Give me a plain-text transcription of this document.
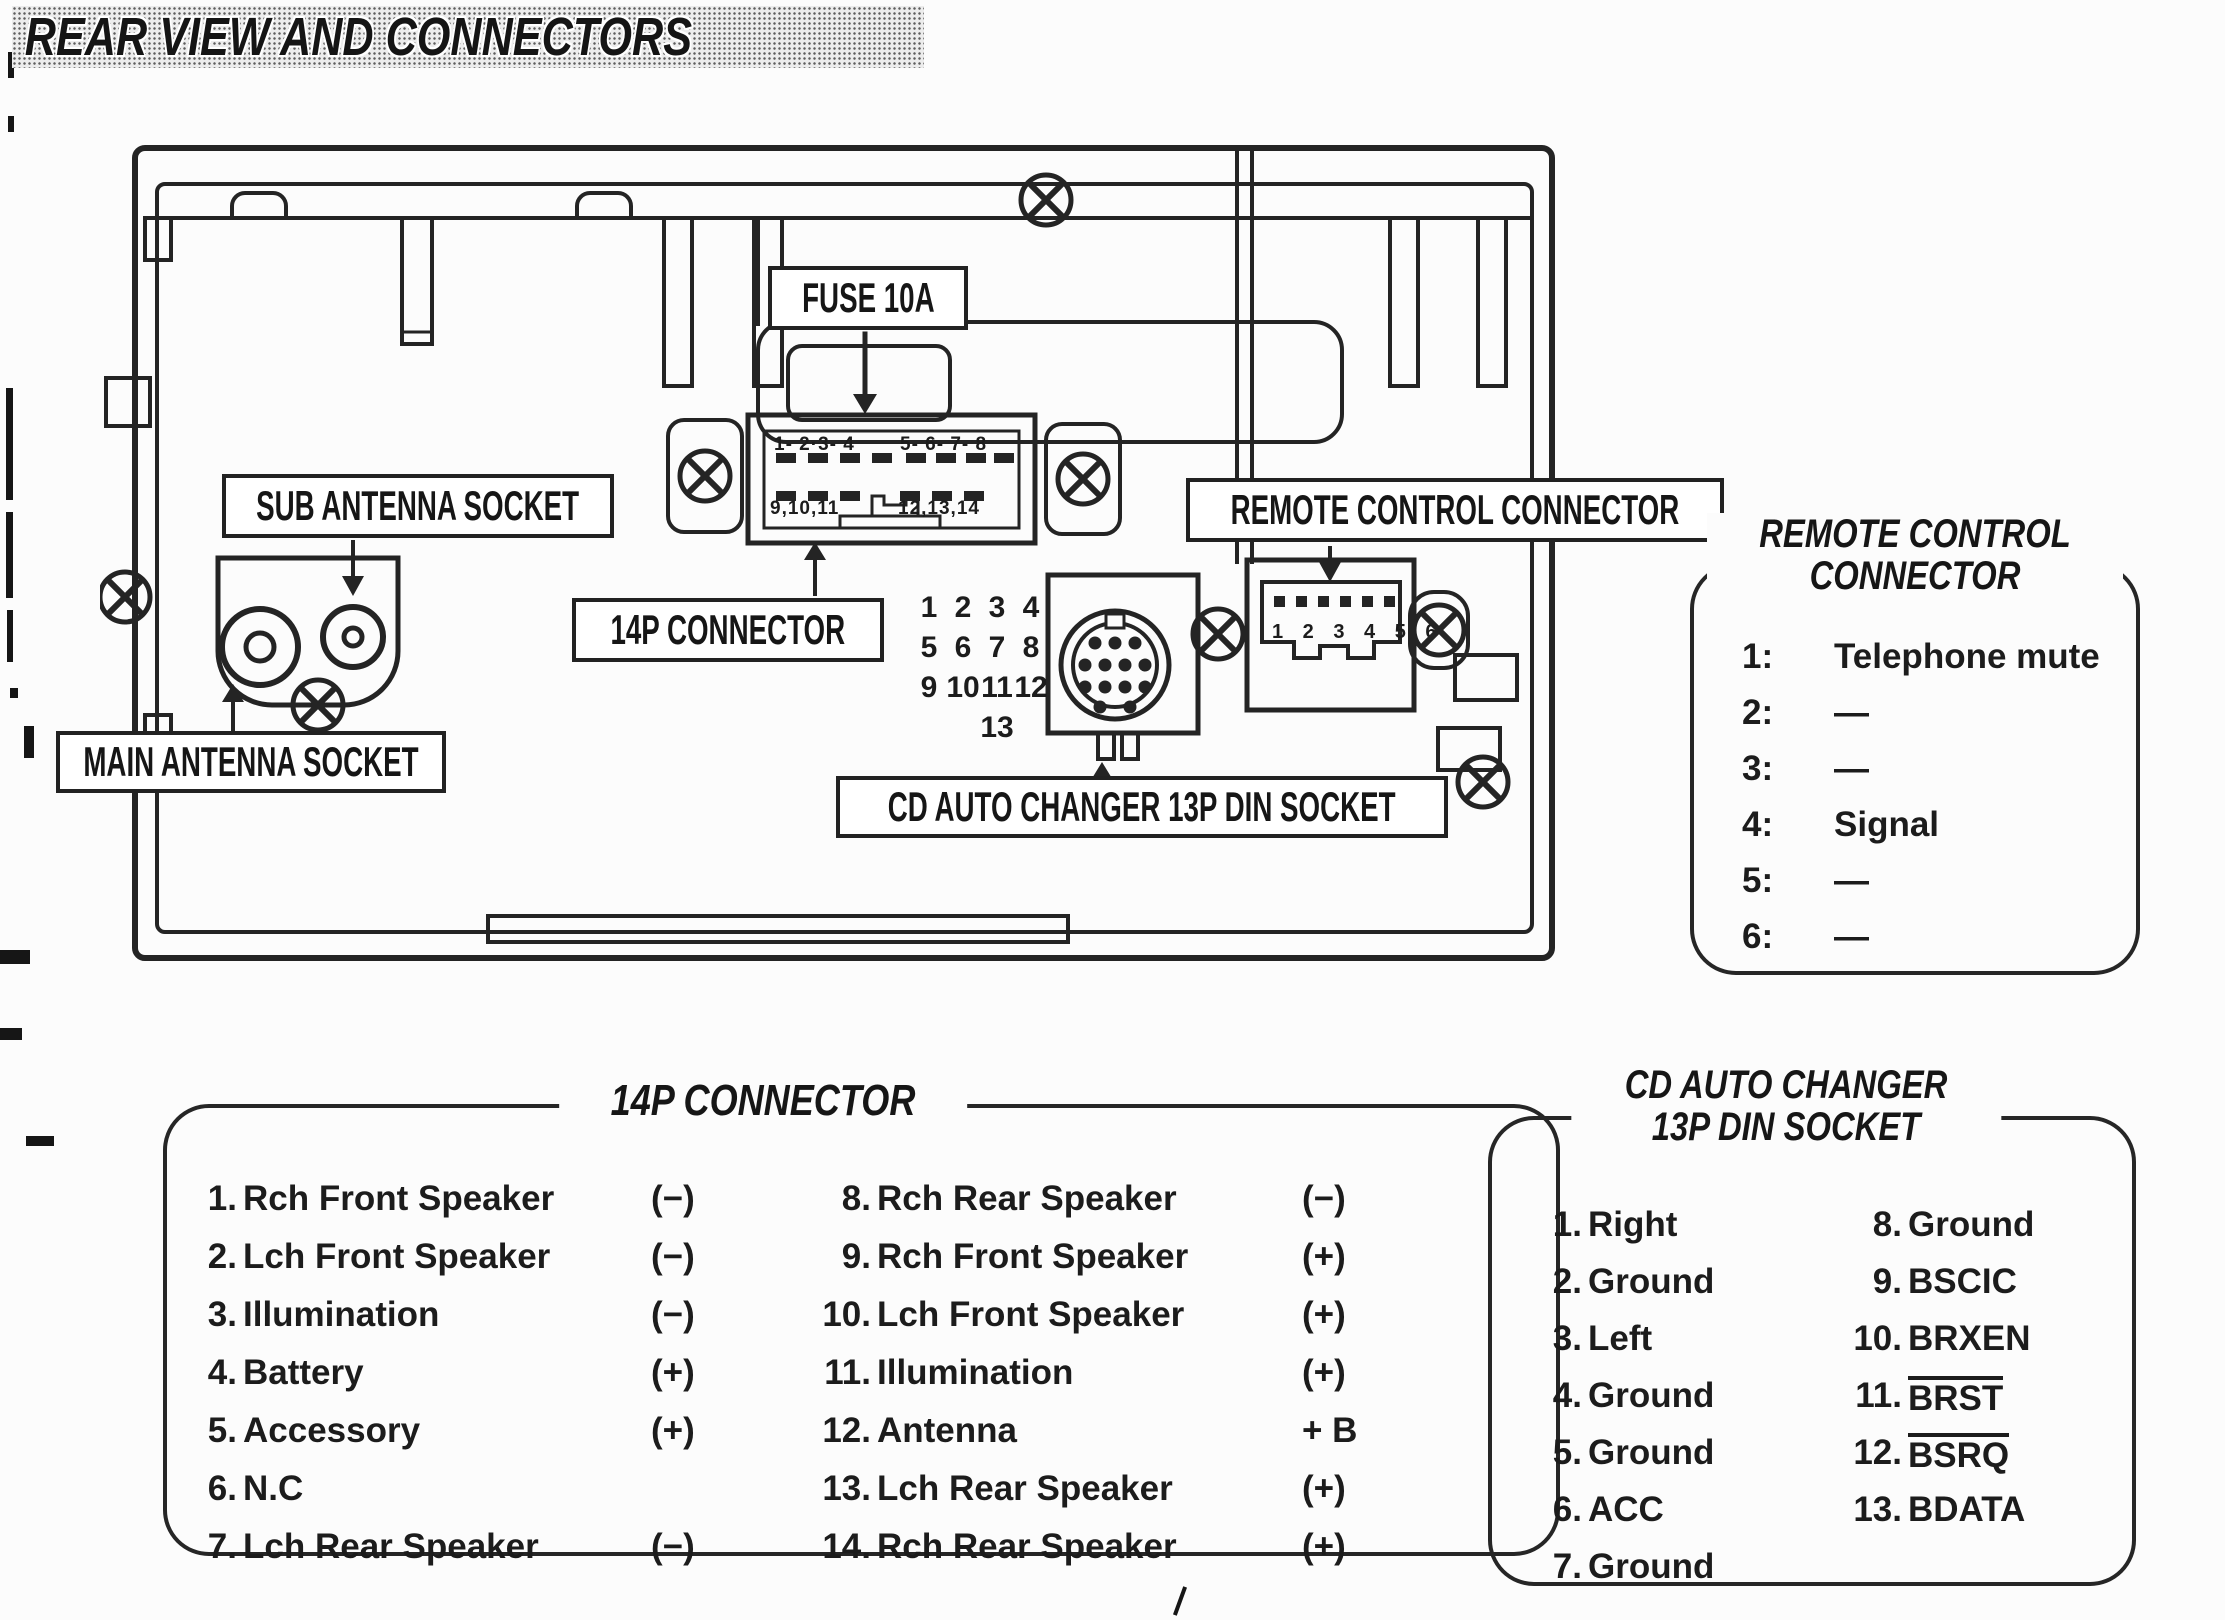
REAR VIEW AND CONNECTORS
1- 2·3- 4 5- 6- 7- 8
9,10,11	12,13,14
1 2 3 4 5 6
FUSE 10A
SUB ANTENNA SOCKET
MAIN ANTENNA SOCKET
14P CONNECTOR
REMOTE CONTROL CONNECTOR
CD AUTO CHANGER 13P DIN SOCKET
1 2 3 4
5 6 7 8
9 10 11 12
13
REMOTE CONTROL
CONNECTOR
1:	Telephone mute
2:	—
3:	—
4:	Signal
5:	—
6:	—
14P CONNECTOR
1. Rch Front Speaker	(−)
2. Lch Front Speaker	(−)
3. Illumination	(−)
4. Battery	(+)
5. Accessory	(+)
6. N.C
7. Lch Rear Speaker	(−)
8. Rch Rear Speaker	(−)
9. Rch Front Speaker	(+)
10. Lch Front Speaker	(+)
11. Illumination	(+)
12. Antenna	+ B
13. Lch Rear Speaker	(+)
14. Rch Rear Speaker	(+)
CD AUTO CHANGER
13P DIN SOCKET
1. Right
2. Ground
3. Left
4. Ground
5. Ground
6. ACC
7. Ground
8. Ground
9. BSCIC
10. BRXEN
11. BRST
12. BSRQ
13. BDATA
